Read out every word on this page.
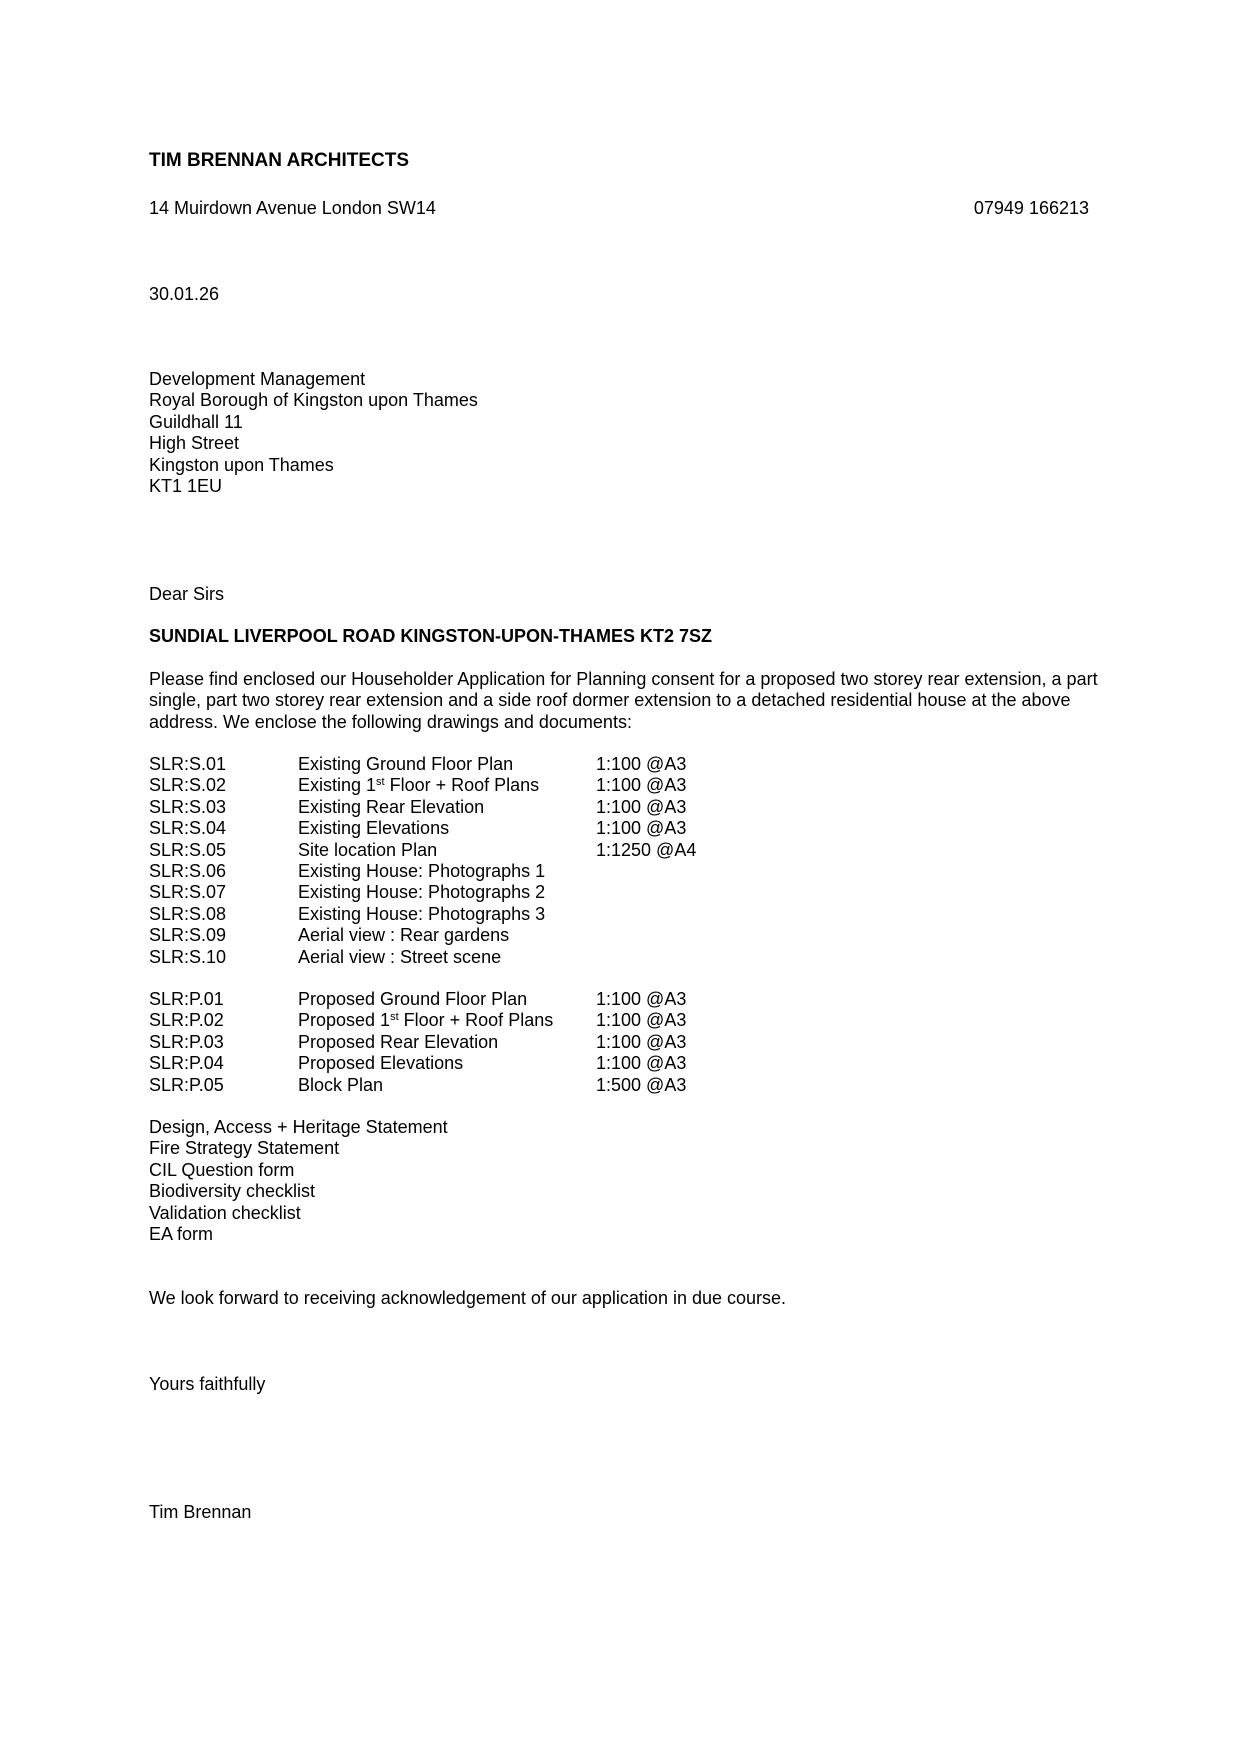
TIM BRENNAN ARCHITECTS
14 Muirdown Avenue London SW14	07949 166213
30.01.26
Development Management
Royal Borough of Kingston upon Thames
Guildhall 11
High Street
Kingston upon Thames
KT1 1EU
Dear Sirs
SUNDIAL LIVERPOOL ROAD KINGSTON-UPON-THAMES KT2 7SZ
Please find enclosed our Householder Application for Planning consent for a proposed two storey rear extension, a part single, part two storey rear extension and a side roof dormer extension to a detached residential house at the above address. We enclose the following drawings and documents:
SLR:S.01	Existing Ground Floor Plan	1:100 @A3
SLR:S.02	Existing 1st Floor + Roof Plans	1:100 @A3
SLR:S.03	Existing Rear Elevation	1:100 @A3
SLR:S.04	Existing Elevations	1:100 @A3
SLR:S.05	Site location Plan	1:1250 @A4
SLR:S.06	Existing House: Photographs 1	
SLR:S.07	Existing House: Photographs 2	
SLR:S.08	Existing House: Photographs 3	
SLR:S.09	Aerial view : Rear gardens	
SLR:S.10	Aerial view : Street scene	
SLR:P.01	Proposed Ground Floor Plan	1:100 @A3
SLR:P.02	Proposed 1st Floor + Roof Plans	1:100 @A3
SLR:P.03	Proposed Rear Elevation	1:100 @A3
SLR:P.04	Proposed Elevations	1:100 @A3
SLR:P.05	Block Plan	1:500 @A3
Design, Access + Heritage Statement
Fire Strategy Statement
CIL Question form
Biodiversity checklist
Validation checklist
EA form
We look forward to receiving acknowledgement of our application in due course.
Yours faithfully
Tim Brennan
